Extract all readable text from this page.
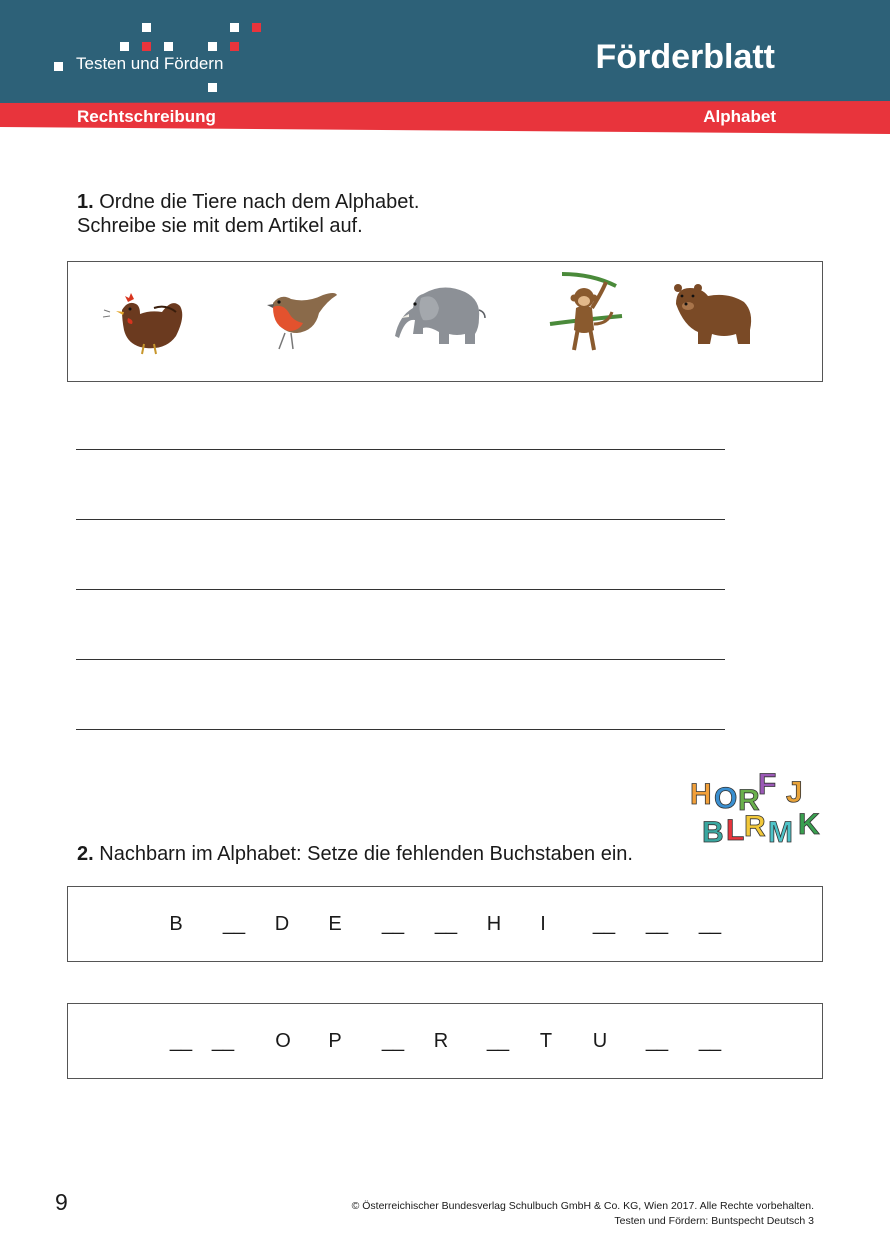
Testen und Fördern	Förderblatt
Rechtschreibung	Alphabet
1. Ordne die Tiere nach dem Alphabet.
Schreibe sie mit dem Artikel auf.
H O R
F J
B L R M K
2. Nachbarn im Alphabet: Setze die fehlenden Buchstaben ein.
B __ D E __ __ H I __ __ __
__ __ O P __ R __ T U __ __
9	© Österreichischer Bundesverlag Schulbuch GmbH & Co. KG, Wien 2017. Alle Rechte vorbehalten.
Testen und Fördern: Buntspecht Deutsch 3
